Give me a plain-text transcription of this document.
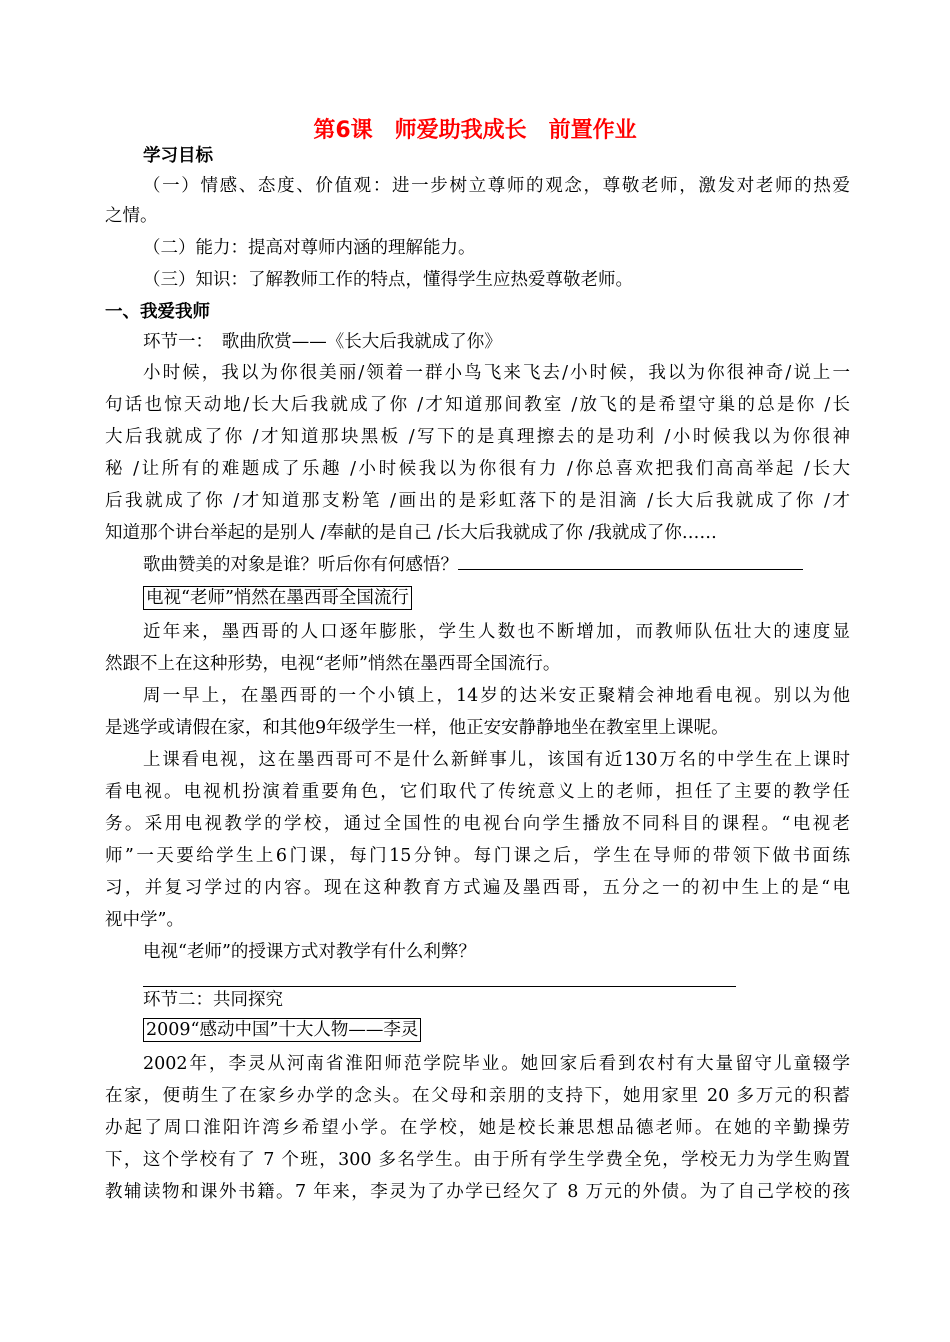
第6课　师爱助我成长　前置作业
学习目标
（一）情感、态度、价值观：进一步树立尊师的观念，尊敬老师，激发对老师的热爱
之情。
（二）能力：提高对尊师内涵的理解能力。
（三）知识：了解教师工作的特点，懂得学生应热爱尊敬老师。
一、我爱我师
环节一：　歌曲欣赏——《长大后我就成了你》
小时候，我以为你很美丽/领着一群小鸟飞来飞去/小时候，我以为你很神奇/说上一
句话也惊天动地/长大后我就成了你 /才知道那间教室 /放飞的是希望守巢的总是你 /长
大后我就成了你 /才知道那块黑板 /写下的是真理擦去的是功利 /小时候我以为你很神
秘 /让所有的难题成了乐趣 /小时候我以为你很有力 /你总喜欢把我们高高举起 /长大
后我就成了你 /才知道那支粉笔 /画出的是彩虹落下的是泪滴 /长大后我就成了你 /才
知道那个讲台举起的是别人 /奉献的是自己 /长大后我就成了你 /我就成了你……
歌曲赞美的对象是谁？听后你有何感悟？
电视“老师”悄然在墨西哥全国流行
近年来，墨西哥的人口逐年膨胀，学生人数也不断增加，而教师队伍壮大的速度显
然跟不上在这种形势，电视“老师”悄然在墨西哥全国流行。
周一早上，在墨西哥的一个小镇上，14岁的达米安正聚精会神地看电视。别以为他
是逃学或请假在家，和其他9年级学生一样，他正安安静静地坐在教室里上课呢。
上课看电视，这在墨西哥可不是什么新鲜事儿，该国有近130万名的中学生在上课时
看电视。电视机扮演着重要角色，它们取代了传统意义上的老师，担任了主要的教学任
务。采用电视教学的学校，通过全国性的电视台向学生播放不同科目的课程。“电视老
师”一天要给学生上6门课，每门15分钟。每门课之后，学生在导师的带领下做书面练
习，并复习学过的内容。现在这种教育方式遍及墨西哥，五分之一的初中生上的是“电
视中学”。
电视“老师”的授课方式对教学有什么利弊？
环节二：共同探究
2009“感动中国”十大人物——李灵
2002年，李灵从河南省淮阳师范学院毕业。她回家后看到农村有大量留守儿童辍学
在家，便萌生了在家乡办学的念头。在父母和亲朋的支持下，她用家里 20 多万元的积蓄
办起了周口淮阳许湾乡希望小学。在学校，她是校长兼思想品德老师。在她的辛勤操劳
下，这个学校有了 7 个班，300 多名学生。由于所有学生学费全免，学校无力为学生购置
教辅读物和课外书籍。7 年来，李灵为了办学已经欠了 8 万元的外债。为了自己学校的孩
